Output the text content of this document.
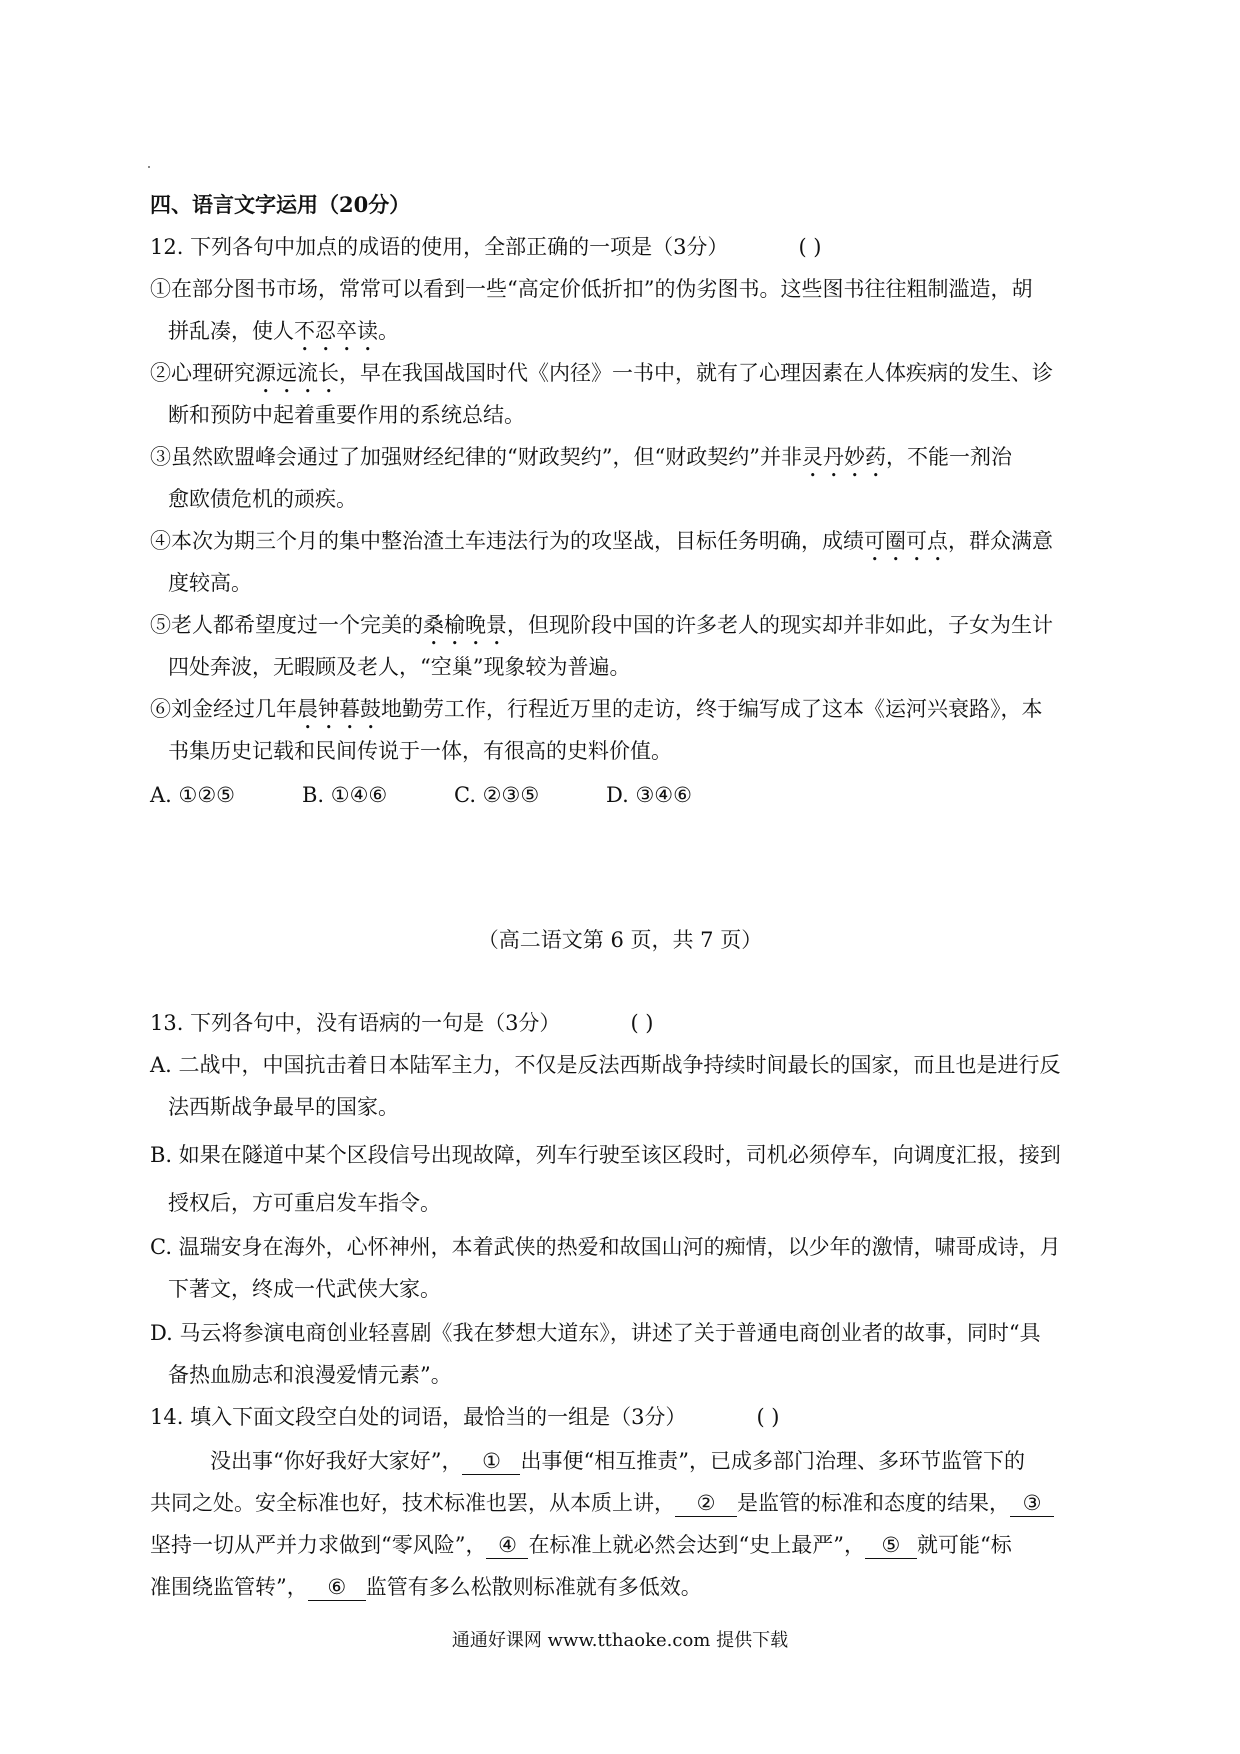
四、语言文字运用（20分）
12. 下列各句中加点的成语的使用，全部正确的一项是（3分）	( )
①在部分图书市场，常常可以看到一些“高定价低折扣”的伪劣图书。这些图书往往粗制滥造，胡
拼乱凑，使人不忍卒读。
②心理研究源远流长，早在我国战国时代《内径》一书中，就有了心理因素在人体疾病的发生、诊
断和预防中起着重要作用的系统总结。
③虽然欧盟峰会通过了加强财经纪律的“财政契约”，但“财政契约”并非灵丹妙药，不能一剂治
愈欧债危机的顽疾。
④本次为期三个月的集中整治渣土车违法行为的攻坚战，目标任务明确，成绩可圈可点，群众满意
度较高。
⑤老人都希望度过一个完美的桑榆晚景，但现阶段中国的许多老人的现实却并非如此，子女为生计
四处奔波，无暇顾及老人，“空巢”现象较为普遍。
⑥刘金经过几年晨钟暮鼓地勤劳工作，行程近万里的走访，终于编写成了这本《运河兴衰路》，本
书集历史记载和民间传说于一体，有很高的史料价值。
A. ①②⑤	B. ①④⑥	C. ②③⑤	D. ③④⑥
（高二语文第 6 页，共 7 页）
13. 下列各句中，没有语病的一句是（3分）	( )
A. 二战中，中国抗击着日本陆军主力，不仅是反法西斯战争持续时间最长的国家，而且也是进行反
法西斯战争最早的国家。
B. 如果在隧道中某个区段信号出现故障，列车行驶至该区段时，司机必须停车，向调度汇报，接到
授权后，方可重启发车指令。
C. 温瑞安身在海外，心怀神州，本着武侠的热爱和故国山河的痴情，以少年的激情，啸哥成诗，月
下著文，终成一代武侠大家。
D. 马云将参演电商创业轻喜剧《我在梦想大道东》，讲述了关于普通电商创业者的故事，同时“具
备热血励志和浪漫爱情元素”。
14. 填入下面文段空白处的词语，最恰当的一组是（3分）	( )
没出事“你好我好大家好”， ① 出事便“相互推责”，已成多部门治理、多环节监管下的
共同之处。安全标准也好，技术标准也罢，从本质上讲， ② 是监管的标准和态度的结果， ③
坚持一切从严并力求做到“零风险”， ④ 在标准上就必然会达到“史上最严”， ⑤ 就可能“标
准围绕监管转”， ⑥ 监管有多么松散则标准就有多低效。
通通好课网 www.tthaoke.com 提供下载
